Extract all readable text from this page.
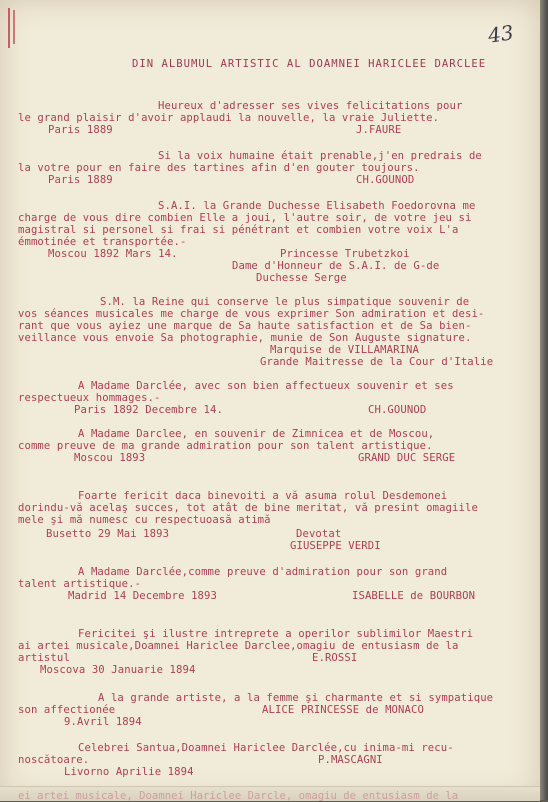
43
DIN ALBUMUL ARTISTIC AL DOAMNEI HARICLEE DARCLEE
Heureux d'adresser ses vives felicitations pour
le grand plaisir d'avoir applaudi la nouvelle, la vraie Juliette.
Paris 1889	J.FAURE
Si la voix humaine était prenable,j'en predrais de
la votre pour en faire des tartines afin d'en gouter toujours.
Paris 1889	CH.GOUNOD
S.A.I. la Grande Duchesse Elisabeth Foedorovna me
charge de vous dire combien Elle a joui, l'autre soir, de votre jeu si
magistral si personel si frai si pénétrant et combien votre voix L'a
émmotinée et transportée.-
Moscou 1892 Mars 14.	Princesse Trubetzkoi
Dame d'Honneur de S.A.I. de G-de
Duchesse Serge
S.M. la Reine qui conserve le plus simpatique souvenir de
vos séances musicales me charge de vous exprimer Son admiration et desi-
rant que vous ayiez une marque de Sa haute satisfaction et de Sa bien-
veillance vous envoie Sa photographie, munie de Son Auguste signature.
Marquise de VILLAMARINA
Grande Maitresse de la Cour d'Italie
A Madame Darclée, avec son bien affectueux souvenir et ses
respectueux hommages.-
Paris 1892 Decembre 14.	CH.GOUNOD
A Madame Darclee, en souvenir de Zimnicea et de Moscou,
comme preuve de ma grande admiration pour son talent artistique.
Moscou 1893	GRAND DUC SERGE
Foarte fericit daca binevoiti a vă asuma rolul Desdemonei
dorindu-vă acelaş succes, tot atât de bine meritat, vă presint omagiile
mele şi mă numesc cu respectuoasă atimă
Busetto 29 Mai 1893	Devotat
GIUSEPPE VERDI
A Madame Darclée,comme preuve d'admiration pour son grand
talent artistique.-
Madrid 14 Decembre 1893	ISABELLE de BOURBON
Fericitei şi ilustre intreprete a operilor sublimilor Maestri
ai artei musicale,Doamnei Hariclee Darclee,omagiu de entusiasm de la
artistul	E.ROSSI
Moscova 30 Januarie 1894
A la grande artiste, a la femme şi charmante et si sympatique
son affectionée	ALICE PRINCESSE de MONACO
9.Avril 1894
Celebrei Santua,Doamnei Hariclee Darclée,cu inima-mi recu-
noscătoare.	P.MASCAGNI
Livorno Aprilie 1894
ei artei musicale, Doamnei Hariclee Darcle, omagiu de entusiasm de la
